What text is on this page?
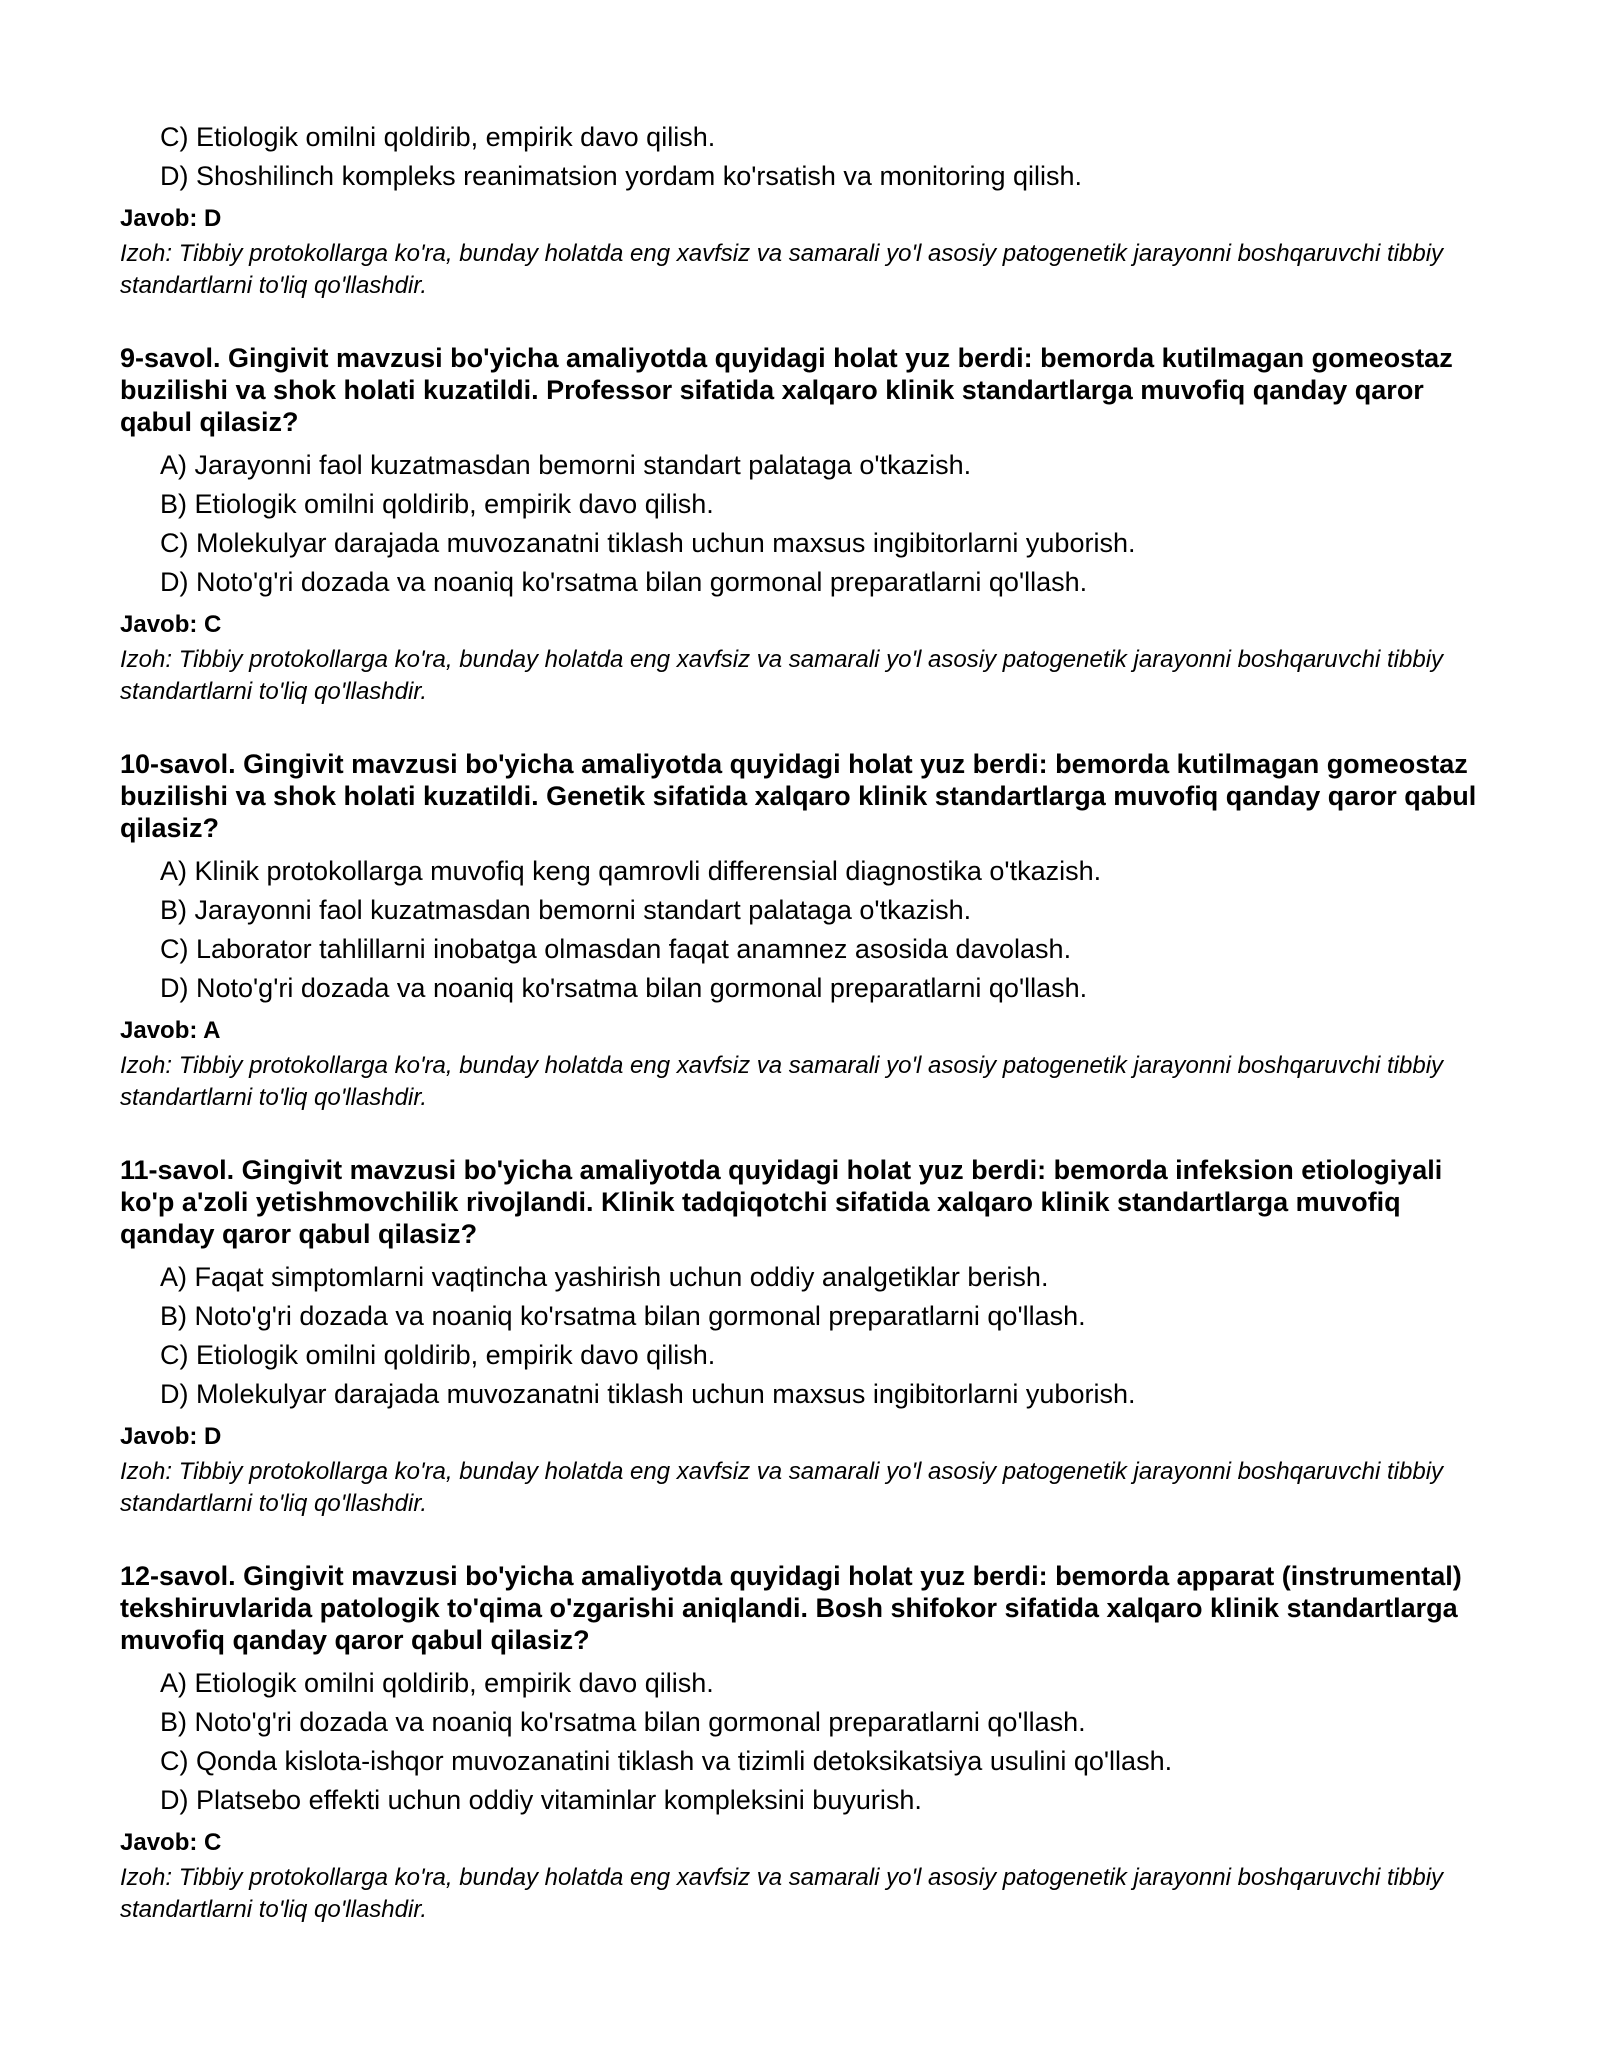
C) Etiologik omilni qoldirib, empirik davo qilish.
D) Shoshilinch kompleks reanimatsion yordam ko'rsatish va monitoring qilish.
Javob: D
Izoh: Tibbiy protokollarga ko'ra, bunday holatda eng xavfsiz va samarali yo'l asosiy patogenetik jarayonni boshqaruvchi tibbiy standartlarni to'liq qo'llashdir.
9-savol. Gingivit mavzusi bo'yicha amaliyotda quyidagi holat yuz berdi: bemorda kutilmagan gomeostaz buzilishi va shok holati kuzatildi. Professor sifatida xalqaro klinik standartlarga muvofiq qanday qaror qabul qilasiz?
A) Jarayonni faol kuzatmasdan bemorni standart palataga o'tkazish.
B) Etiologik omilni qoldirib, empirik davo qilish.
C) Molekulyar darajada muvozanatni tiklash uchun maxsus ingibitorlarni yuborish.
D) Noto'g'ri dozada va noaniq ko'rsatma bilan gormonal preparatlarni qo'llash.
Javob: C
Izoh: Tibbiy protokollarga ko'ra, bunday holatda eng xavfsiz va samarali yo'l asosiy patogenetik jarayonni boshqaruvchi tibbiy standartlarni to'liq qo'llashdir.
10-savol. Gingivit mavzusi bo'yicha amaliyotda quyidagi holat yuz berdi: bemorda kutilmagan gomeostaz buzilishi va shok holati kuzatildi. Genetik sifatida xalqaro klinik standartlarga muvofiq qanday qaror qabul qilasiz?
A) Klinik protokollarga muvofiq keng qamrovli differensial diagnostika o'tkazish.
B) Jarayonni faol kuzatmasdan bemorni standart palataga o'tkazish.
C) Laborator tahlillarni inobatga olmasdan faqat anamnez asosida davolash.
D) Noto'g'ri dozada va noaniq ko'rsatma bilan gormonal preparatlarni qo'llash.
Javob: A
Izoh: Tibbiy protokollarga ko'ra, bunday holatda eng xavfsiz va samarali yo'l asosiy patogenetik jarayonni boshqaruvchi tibbiy standartlarni to'liq qo'llashdir.
11-savol. Gingivit mavzusi bo'yicha amaliyotda quyidagi holat yuz berdi: bemorda infeksion etiologiyali ko'p a'zoli yetishmovchilik rivojlandi. Klinik tadqiqotchi sifatida xalqaro klinik standartlarga muvofiq qanday qaror qabul qilasiz?
A) Faqat simptomlarni vaqtincha yashirish uchun oddiy analgetiklar berish.
B) Noto'g'ri dozada va noaniq ko'rsatma bilan gormonal preparatlarni qo'llash.
C) Etiologik omilni qoldirib, empirik davo qilish.
D) Molekulyar darajada muvozanatni tiklash uchun maxsus ingibitorlarni yuborish.
Javob: D
Izoh: Tibbiy protokollarga ko'ra, bunday holatda eng xavfsiz va samarali yo'l asosiy patogenetik jarayonni boshqaruvchi tibbiy standartlarni to'liq qo'llashdir.
12-savol. Gingivit mavzusi bo'yicha amaliyotda quyidagi holat yuz berdi: bemorda apparat (instrumental) tekshiruvlarida patologik to'qima o'zgarishi aniqlandi. Bosh shifokor sifatida xalqaro klinik standartlarga muvofiq qanday qaror qabul qilasiz?
A) Etiologik omilni qoldirib, empirik davo qilish.
B) Noto'g'ri dozada va noaniq ko'rsatma bilan gormonal preparatlarni qo'llash.
C) Qonda kislota-ishqor muvozanatini tiklash va tizimli detoksikatsiya usulini qo'llash.
D) Platsebo effekti uchun oddiy vitaminlar kompleksini buyurish.
Javob: C
Izoh: Tibbiy protokollarga ko'ra, bunday holatda eng xavfsiz va samarali yo'l asosiy patogenetik jarayonni boshqaruvchi tibbiy standartlarni to'liq qo'llashdir.
